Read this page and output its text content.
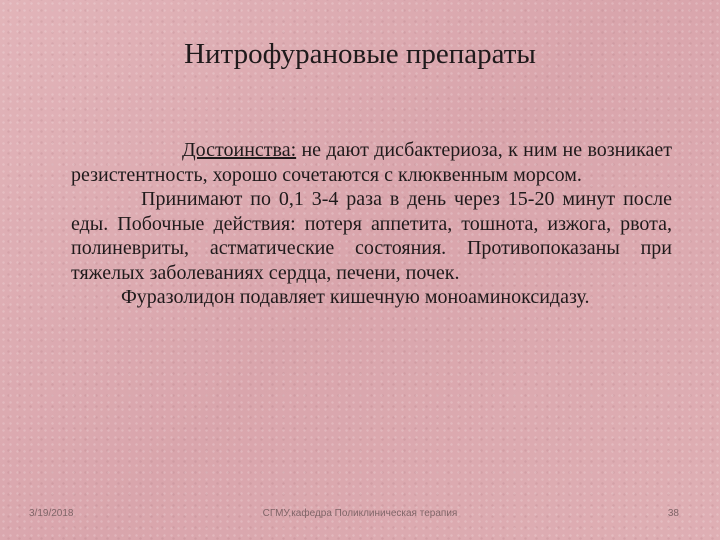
Нитрофурановые препараты

Достоинства: не дают дисбактериоза, к ним не возникает резистентность, хорошо сочетаются с клюквенным морсом.

Принимают по 0,1 3-4 раза в день через 15-20 минут после еды. Побочные действия: потеря аппетита, тошнота, изжога, рвота, полиневриты, астматические состояния. Противопоказаны при тяжелых заболеваниях сердца, печени, почек.

Фуразолидон подавляет кишечную моноаминоксидазу.

3/19/2018	СГМУ,кафедра Поликлиническая терапия	38
